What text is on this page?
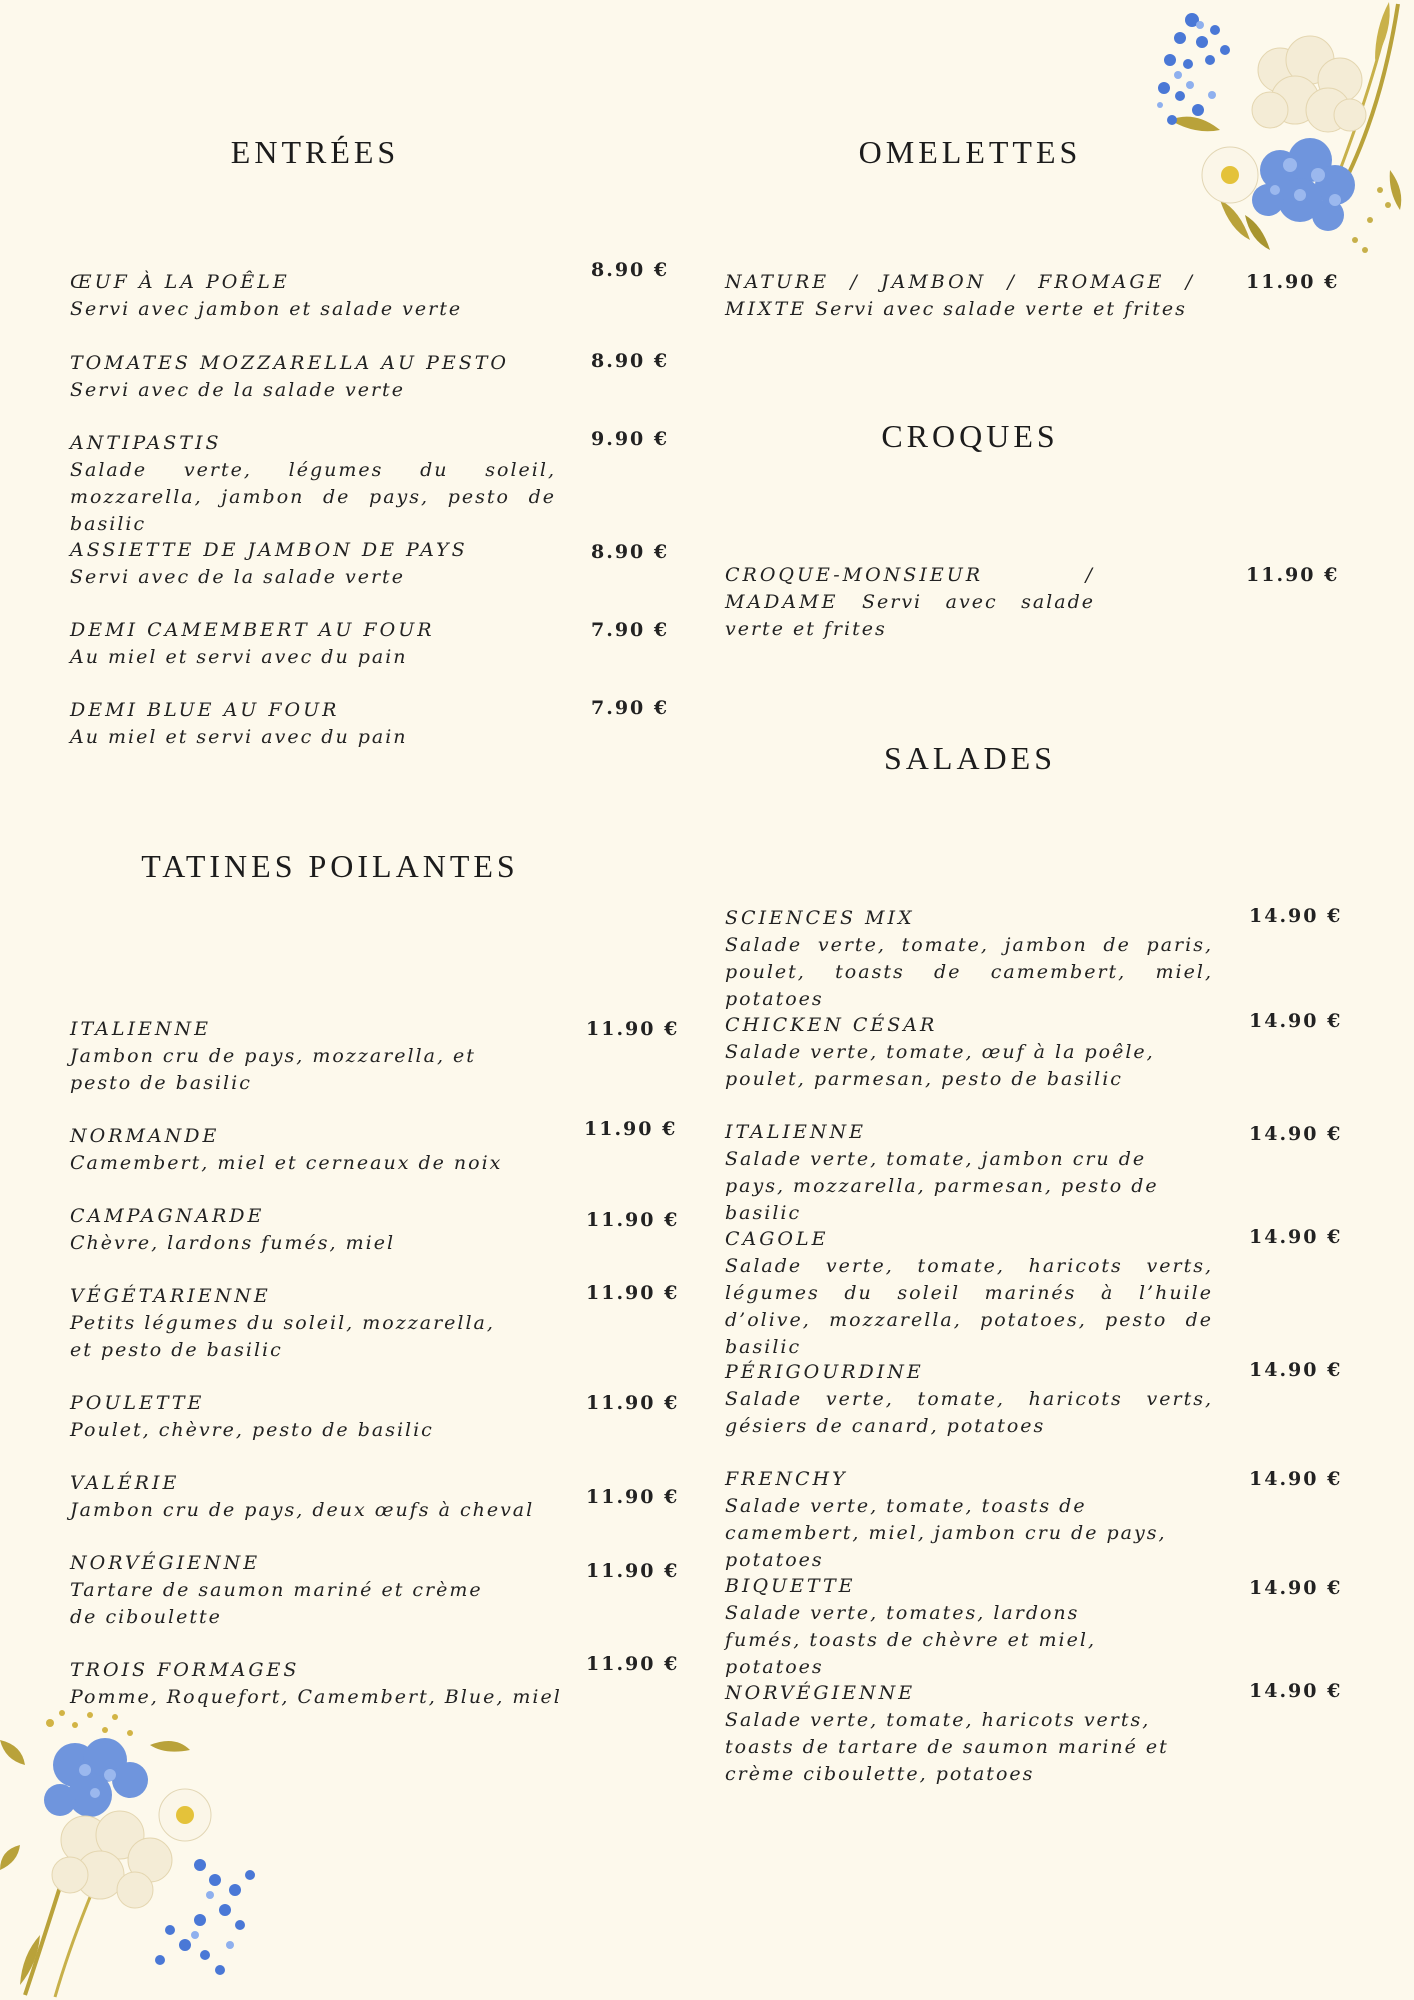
ENTRÉES
ŒUF À LA POÊLE
Servi avec jambon et salade verte
8.90 €
TOMATES MOZZARELLA AU PESTO
Servi avec de la salade verte
8.90 €
ANTIPASTIS
Salade verte, légumes du soleil, mozzarella, jambon de pays, pesto de basilic
9.90 €
ASSIETTE DE JAMBON DE PAYS
Servi avec de la salade verte
8.90 €
DEMI CAMEMBERT AU FOUR
Au miel et servi avec du pain
7.90 €
DEMI BLUE AU FOUR
Au miel et servi avec du pain
7.90 €
TATINES POILANTES
ITALIENNE
Jambon cru de pays, mozzarella, et pesto de basilic
11.90 €
NORMANDE
Camembert, miel et cerneaux de noix
11.90 €
CAMPAGNARDE
Chèvre, lardons fumés, miel
11.90 €
VÉGÉTARIENNE
Petits légumes du soleil, mozzarella, et pesto de basilic
11.90 €
POULETTE
Poulet, chèvre, pesto de basilic
11.90 €
VALÉRIE
Jambon cru de pays, deux œufs à cheval
11.90 €
NORVÉGIENNE
Tartare de saumon mariné et crème de ciboulette
11.90 €
TROIS FORMAGES
Pomme, Roquefort, Camembert, Blue, miel
11.90 €
OMELETTES
NATURE / JAMBON / FROMAGE / MIXTE Servi avec salade verte et frites
11.90 €
CROQUES
CROQUE-MONSIEUR / MADAME Servi avec salade verte et frites
11.90 €
SALADES
SCIENCES MIX
Salade verte, tomate, jambon de paris, poulet, toasts de camembert, miel, potatoes
14.90 €
CHICKEN CÉSAR
Salade verte, tomate, œuf à la poêle, poulet, parmesan, pesto de basilic
14.90 €
ITALIENNE
Salade verte, tomate, jambon cru de pays, mozzarella, parmesan, pesto de basilic
14.90 €
CAGOLE
Salade verte, tomate, haricots verts, légumes du soleil marinés à l’huile d’olive, mozzarella, potatoes, pesto de basilic
14.90 €
PÉRIGOURDINE
Salade verte, tomate, haricots verts, gésiers de canard, potatoes
14.90 €
FRENCHY
Salade verte, tomate, toasts de camembert, miel, jambon cru de pays, potatoes
14.90 €
BIQUETTE
Salade verte, tomates, lardons fumés, toasts de chèvre et miel, potatoes
14.90 €
NORVÉGIENNE
Salade verte, tomate, haricots verts, toasts de tartare de saumon mariné et crème ciboulette, potatoes
14.90 €
